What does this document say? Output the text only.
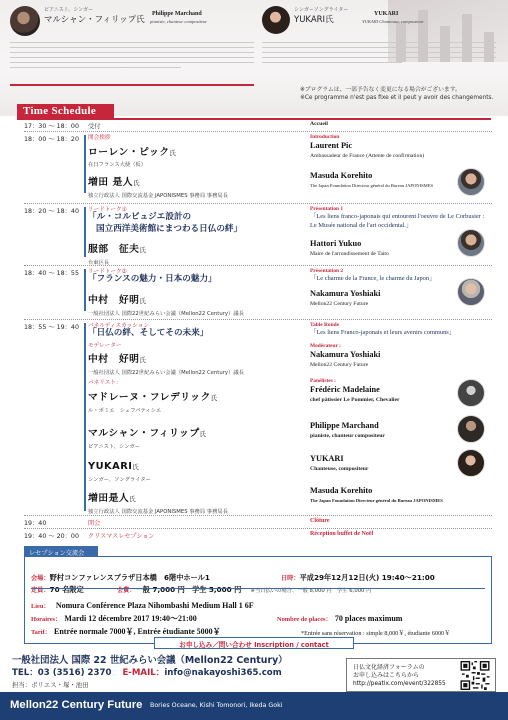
ピアニスト、シンガー
マルシャン・フィリップ氏
Philippe Marchand
pianiste, chanteur compositeur
シンガーソングライター
YUKARI氏
YUKARI
YUKARI Chanteuse, compositeur
※プログラムは、一部予告なく変更になる場合がございます。
※Ce programme n'est pas fixe et il peut y avoir des changements.
Time Schedule
17：30 ～ 18：00	受付	Accueil
18：00 ～ 18：20	開会挨拶	Introduction
ローレン・ピック氏
在日フランス大使（仮）
Laurent Pic
Ambassadeur de France (Attente de confirmation)
増田 是人氏
独立行政法人 国際交流基金 JAPONISMES 事務局 事務局長
Masuda Korehito
The Japan Foundation Directeur général du Bureau JAPONISMES
18：20 ～ 18：40	リードトーク①	Présentation 1
「ル・コルビュジエ設計の
国立西洋美術館にまつわる日仏の絆」
「Les liens franco-japonais qui entourent l'oeuvre de Le Corbusier : Le Musée national de l'art occidental.」
服部　征夫氏
台東区長
Hattori Yukuo
Maire de l'arrondissement de Taito
18：40 ～ 18：55	リードトーク②	Présentation 2
「フランスの魅力・日本の魅力」	「Le charme de la France, le charme du Japon」
中村　好明氏
一般社団法人 国際22世紀みらい会議（Mellon22 Century）議長
Nakamura Yoshiaki
Mellon22 Century Future
18：55 ～ 19：40	パネルディスカッション	Table Ronde
「日仏の絆、そしてその未来」	「Les liens Franco-japonais et leurs avenirs communs」
モデレーター	Modérateur :
中村　好明氏
一般社団法人 国際22世紀みらい会議（Mellon22 Century）議長
Nakamura Yoshiaki
Mellon22 Century Future
パネリスト：	Panélistes :
マドレーヌ・フレデリック氏
ル・ポミエ　シェフパティシエ
Frédéric Madelaine
chef pâtissier Le Pommier, Chevalier
マルシャン・フィリップ氏
ピアニスト、シンガー
Philippe Marchand
pianiste, chanteur compositeur
YUKARI氏
シンガー、ソングライター
YUKARI
Chanteuse, compositeur
増田是人氏
独立行政法人 国際交流基金 JAPONISMES 事務局 事務局長
Masuda Korehito
The Japan Foundation Directeur général du Bureau JAPONISMES
19：40	閉会	Clôture
19：40 ～ 20：00	クリスマスレセプション	Réception buffet de Noël
レセプション交流会
会場：野村コンファレンスプラザ日本橋　6階中ホール1	日時：平成29年12月12日(火) 19:40～21:00
定員：70 名限定	会費：一般 7,000 円　学生 5,000 円 ※当日払いの場合、一般 8,000 円　学生 6,000 円
Lieu： Nomura Conférence Plaza Nihombashi Medium Hall 1 6F
Horaires： Mardi 12 décembre 2017 19:40～21:00	Nombre de places： 70 places maximum
Tarif： Entrée normale 7000￥, Entrée étudiante 5000￥	*Entrée sans réservation : simple 8,000￥, étudiante 6000￥
お申し込み／問い合わせ Inscription / contact
一般社団法人 国際 22 世紀みらい会議（Mellon22 Century）
TEL：03 (3516) 2370 E-MAIL：info@nakayoshi365.com
担当：ボリエス・塚・池田
日仏文化経済フォーラムの
お申し込みはこちらから
http://peatix.com/event/322855
Mellon22 Century Future Bories Oceane, Kishi Tomonori, Ikeda Goki
